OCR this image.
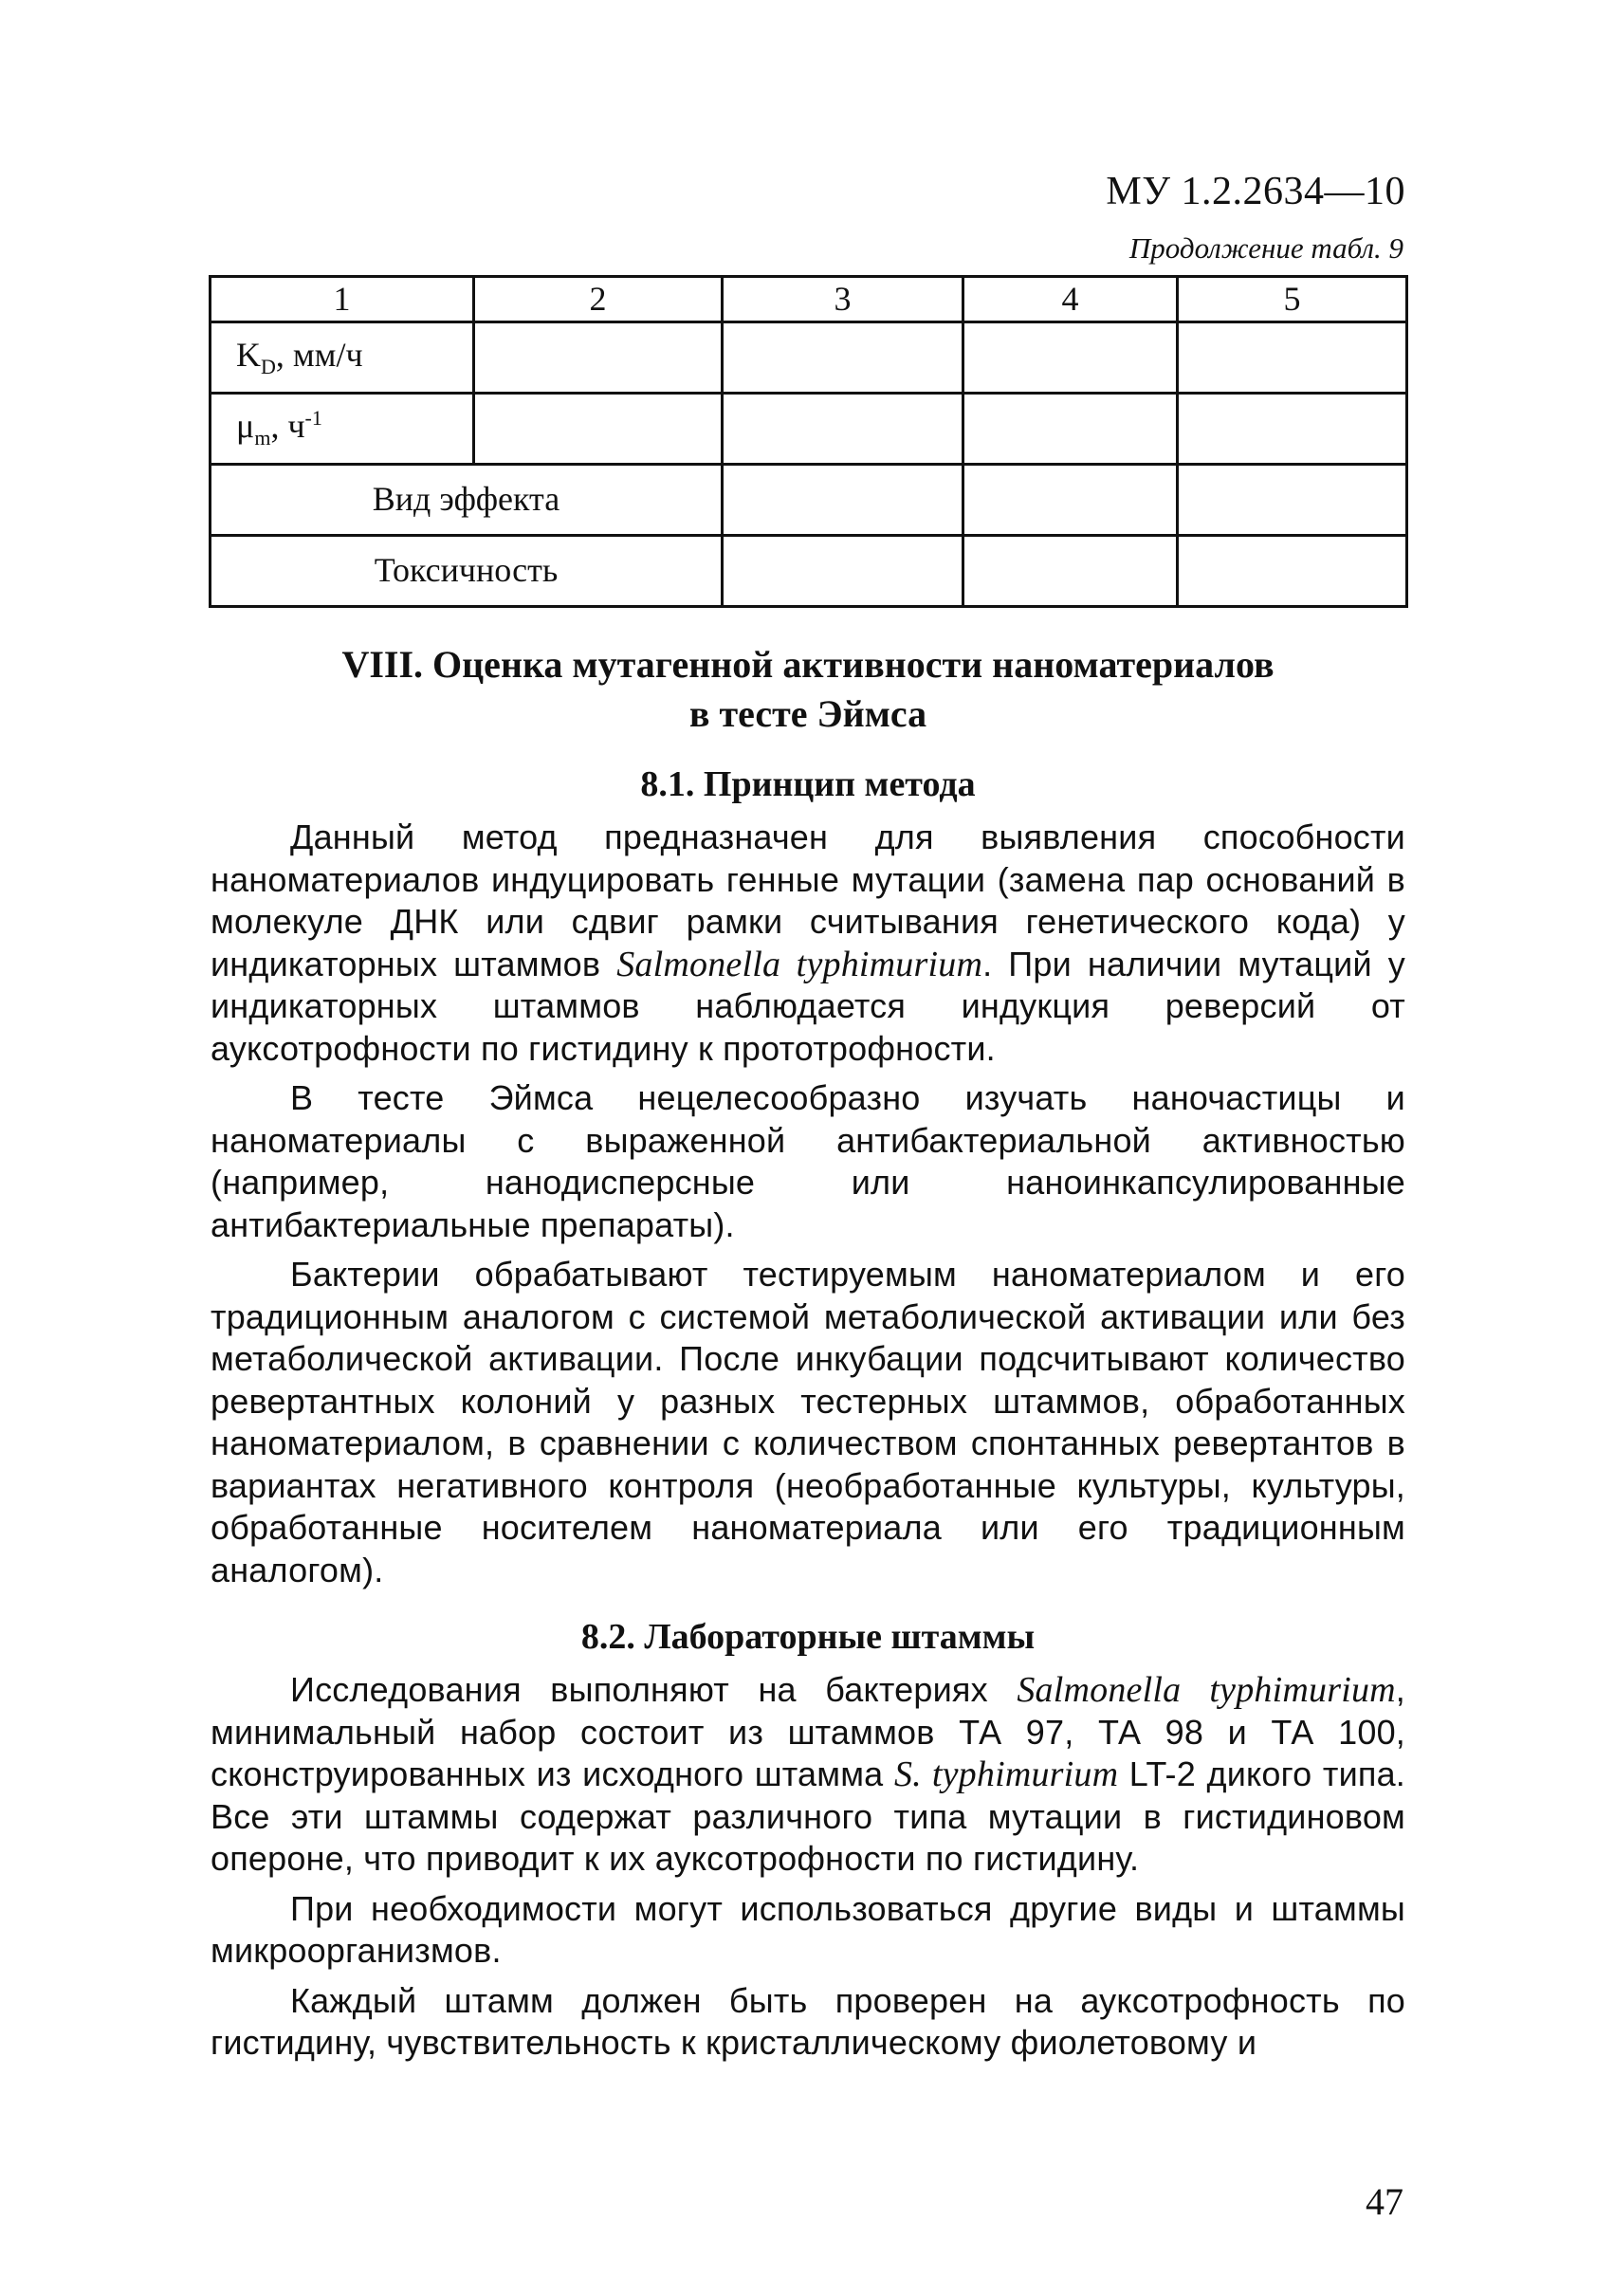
МУ 1.2.2634—10
Продолжение табл. 9
1	2	3	4	5
$K_D$, мм/ч				
$\mu_m$, $ч^{-1}$				
Вид эффекта				
Токсичность				
VIII. Оценка мутагенной активности наноматериалов
в тесте Эймса
8.1. Принцип метода

Данный метод предназначен для выявления способности наноматериалов индуцировать генные мутации (замена пар оснований в молекуле ДНК или сдвиг рамки считывания генетического кода) у индикаторных штаммов Salmonella typhimurium. При наличии мутаций у индикаторных штаммов наблюдается индукция реверсий от ауксотрофности по гистидину к прототрофности.

В тесте Эймса нецелесообразно изучать наночастицы и наноматериалы с выраженной антибактериальной активностью (например, нанодисперсные или наноинкапсулированные антибактериальные препараты).

Бактерии обрабатывают тестируемым наноматериалом и его традиционным аналогом с системой метаболической активации или без метаболической активации. После инкубации подсчитывают количество ревертантных колоний у разных тестерных штаммов, обработанных наноматериалом, в сравнении с количеством спонтанных ревертантов в вариантах негативного контроля (необработанные культуры, культуры, обработанные носителем наноматериала или его традиционным аналогом).

8.2. Лабораторные штаммы

Исследования выполняют на бактериях Salmonella typhimurium, минимальный набор состоит из штаммов ТА 97, ТА 98 и ТА 100, сконструированных из исходного штамма S. typhimurium LT-2 дикого типа. Все эти штаммы содержат различного типа мутации в гистидиновом опероне, что приводит к их ауксотрофности по гистидину.

При необходимости могут использоваться другие виды и штаммы микроорганизмов.

Каждый штамм должен быть проверен на ауксотрофность по гистидину, чувствительность к кристаллическому фиолетовому и

47
